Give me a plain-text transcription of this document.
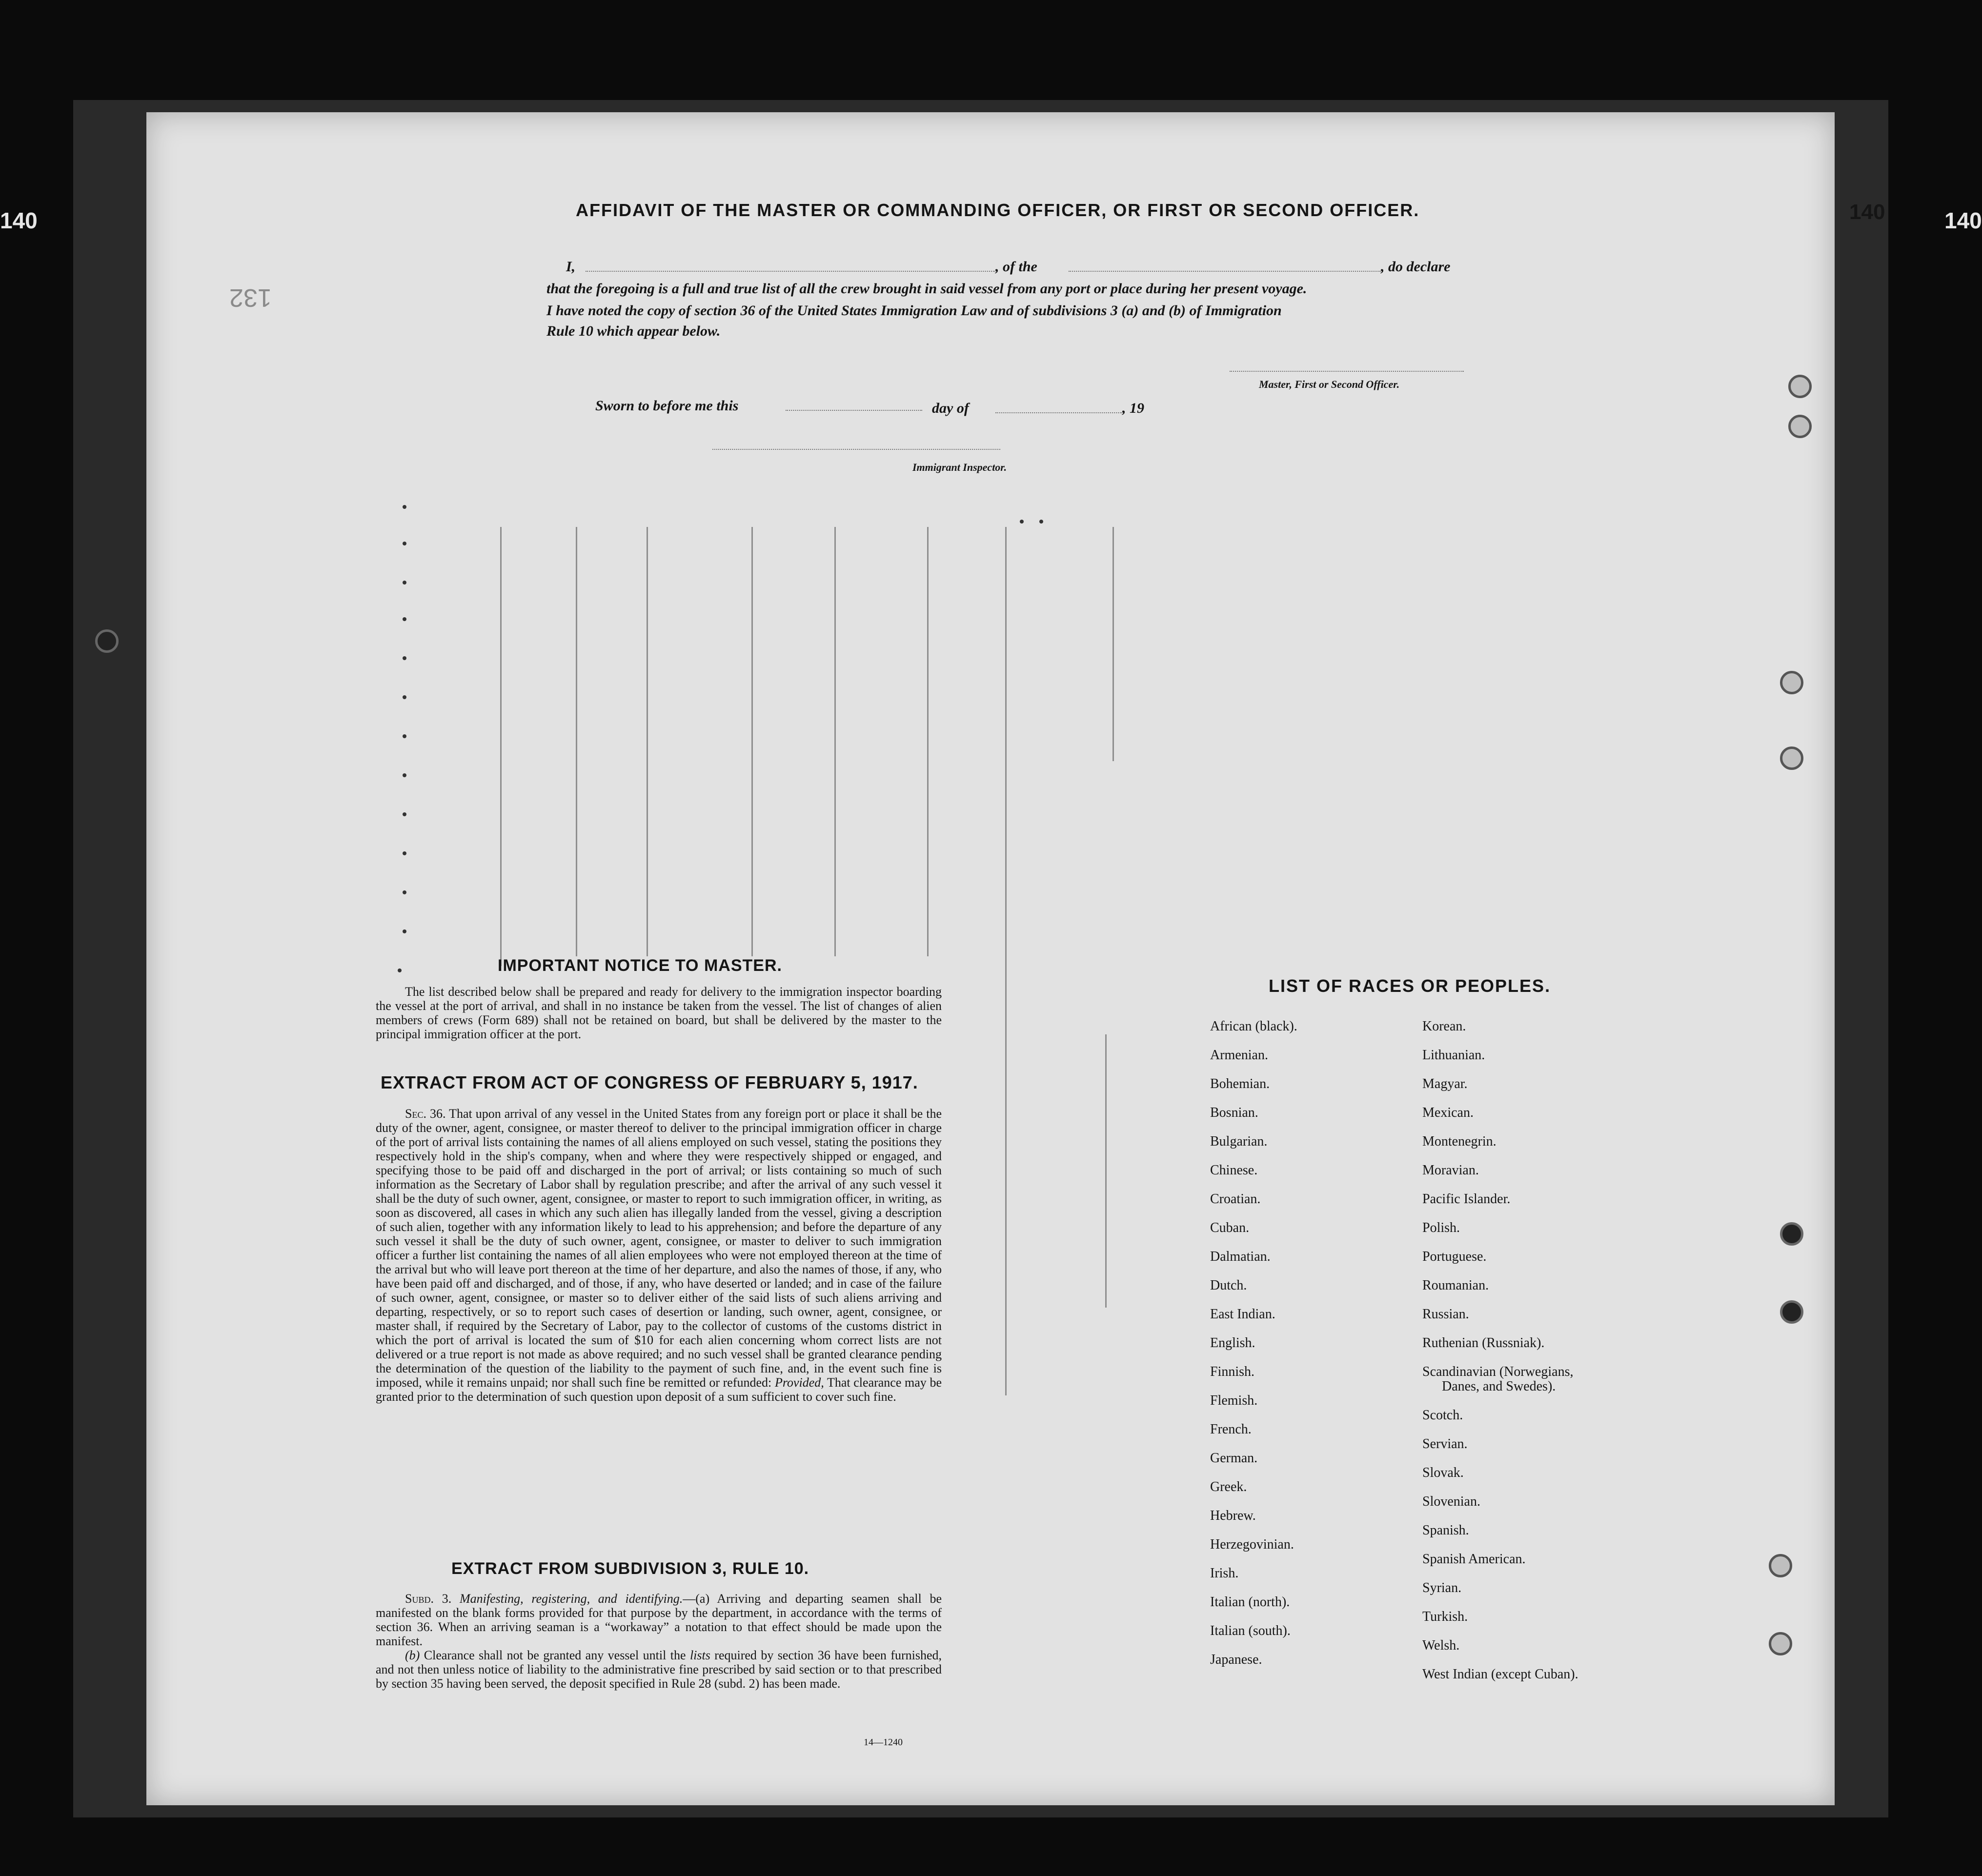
140	140
132
140
AFFIDAVIT OF THE MASTER OR COMMANDING OFFICER, OR FIRST OR SECOND OFFICER.
I,	, of the	, do declare
that the foregoing is a full and true list of all the crew brought in said vessel from any port or place during her present voyage.
I have noted the copy of section 36 of the United States Immigration Law and of subdivisions 3 (a) and (b) of Immigration
Rule 10 which appear below.
Master, First or Second Officer.
Sworn to before me this	day of	, 19
Immigrant Inspector.
IMPORTANT NOTICE TO MASTER.

The list described below shall be prepared and ready for delivery to the immigration inspector boarding the vessel at the port of arrival, and shall in no instance be taken from the vessel. The list of changes of alien members of crews (Form 689) shall not be retained on board, but shall be delivered by the master to the principal immigration officer at the port.

EXTRACT FROM ACT OF CONGRESS OF FEBRUARY 5, 1917.

Sec. 36. That upon arrival of any vessel in the United States from any foreign port or place it shall be the duty of the owner, agent, consignee, or master thereof to deliver to the principal immigration officer in charge of the port of arrival lists containing the names of all aliens employed on such vessel, stating the positions they respectively hold in the ship's company, when and where they were respectively shipped or engaged, and specifying those to be paid off and discharged in the port of arrival; or lists containing so much of such information as the Secretary of Labor shall by regulation prescribe; and after the arrival of any such vessel it shall be the duty of such owner, agent, consignee, or master to report to such immigration officer, in writing, as soon as discovered, all cases in which any such alien has illegally landed from the vessel, giving a description of such alien, together with any information likely to lead to his apprehension; and before the departure of any such vessel it shall be the duty of such owner, agent, consignee, or master to deliver to such immigration officer a further list containing the names of all alien employees who were not employed thereon at the time of the arrival but who will leave port thereon at the time of her departure, and also the names of those, if any, who have been paid off and discharged, and of those, if any, who have deserted or landed; and in case of the failure of such owner, agent, consignee, or master so to deliver either of the said lists of such aliens arriving and departing, respectively, or so to report such cases of desertion or landing, such owner, agent, consignee, or master shall, if required by the Secretary of Labor, pay to the collector of customs of the customs district in which the port of arrival is located the sum of $10 for each alien concerning whom correct lists are not delivered or a true report is not made as above required; and no such vessel shall be granted clearance pending the determination of the question of the liability to the payment of such fine, and, in the event such fine is imposed, while it remains unpaid; nor shall such fine be remitted or refunded: Provided, That clearance may be granted prior to the determination of such question upon deposit of a sum sufficient to cover such fine.

EXTRACT FROM SUBDIVISION 3, RULE 10.

Subd. 3. Manifesting, registering, and identifying.—(a) Arriving and departing seamen shall be manifested on the blank forms provided for that purpose by the department, in accordance with the terms of section 36. When an arriving seaman is a “workaway” a notation to that effect should be made upon the manifest.

(b) Clearance shall not be granted any vessel until the lists required by section 36 have been furnished, and not then unless notice of liability to the administrative fine prescribed by said section or to that prescribed by section 35 having been served, the deposit specified in Rule 28 (subd. 2) has been made.

14—1240
LIST OF RACES OR PEOPLES.
African (black).
Armenian.
Bohemian.
Bosnian.
Bulgarian.
Chinese.
Croatian.
Cuban.
Dalmatian.
Dutch.
East Indian.
English.
Finnish.
Flemish.
French.
German.
Greek.
Hebrew.
Herzegovinian.
Irish.
Italian (north).
Italian (south).
Japanese.
Korean.
Lithuanian.
Magyar.
Mexican.
Montenegrin.
Moravian.
Pacific Islander.
Polish.
Portuguese.
Roumanian.
Russian.
Ruthenian (Russniak).
Scandinavian (Norwegians,
Danes, and Swedes).
Scotch.
Servian.
Slovak.
Slovenian.
Spanish.
Spanish American.
Syrian.
Turkish.
Welsh.
West Indian (except Cuban).
